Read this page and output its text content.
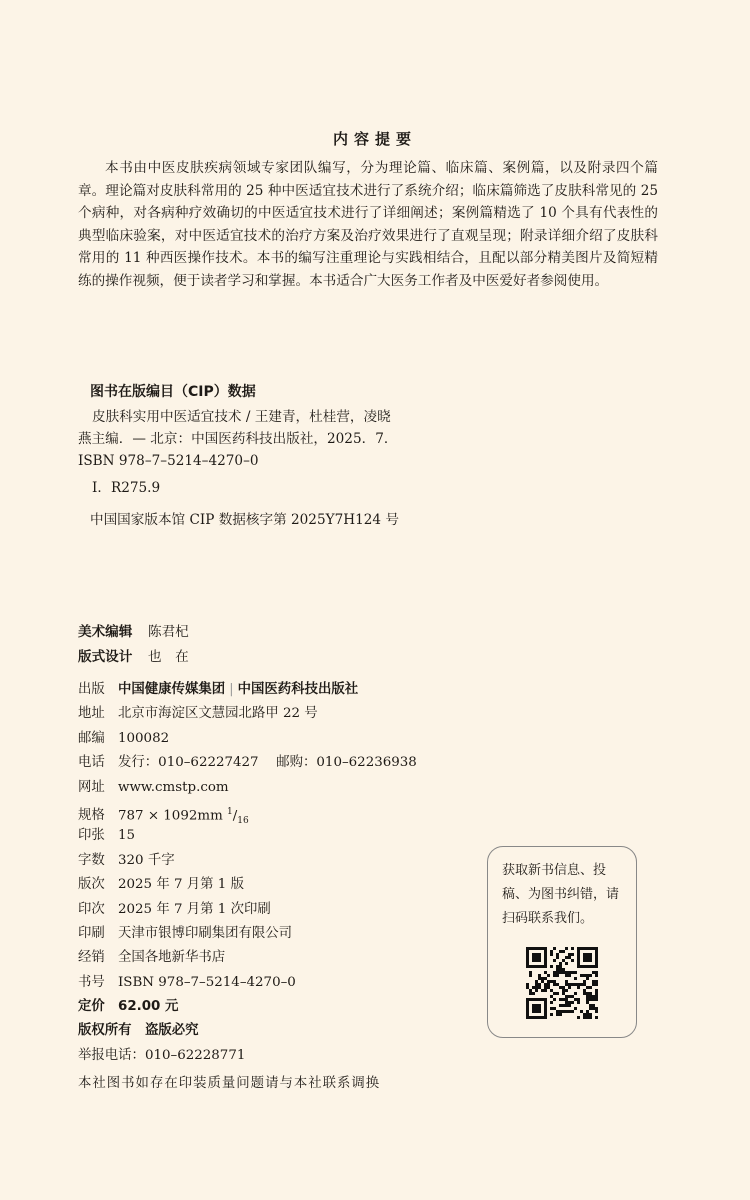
内容提要
本书由中医皮肤疾病领域专家团队编写，分为理论篇、临床篇、案例篇，以及附录四个篇章。理论篇对皮肤科常用的 25 种中医适宜技术进行了系统介绍；临床篇筛选了皮肤科常见的 25 个病种，对各病种疗效确切的中医适宜技术进行了详细阐述；案例篇精选了 10 个具有代表性的典型临床验案，对中医适宜技术的治疗方案及治疗效果进行了直观呈现；附录详细介绍了皮肤科常用的 11 种西医操作技术。本书的编写注重理论与实践相结合，且配以部分精美图片及简短精练的操作视频，便于读者学习和掌握。本书适合广大医务工作者及中医爱好者参阅使用。
图书在版编目（CIP）数据
皮肤科实用中医适宜技术 / 王建青，杜桂营，凌晓
燕主编．— 北京：中国医药科技出版社，2025．7．
ISBN 978–7–5214–4270–0
Ⅰ．R275.9
中国国家版本馆 CIP 数据核字第 2025Y7H124 号
美术编辑 陈君杞
版式设计 也　在
出版 中国健康传媒集团 | 中国医药科技出版社
地址 北京市海淀区文慧园北路甲 22 号
邮编 100082
电话 发行：010–62227427　 邮购：010–62236938
网址 www.cmstp.com
规格 787 × 1092mm $^1/_{16}$
印张 15
字数 320 千字
版次 2025 年 7 月第 1 版
印次 2025 年 7 月第 1 次印刷
印刷 天津市银博印刷集团有限公司
经销 全国各地新华书店
书号 ISBN 978–7–5214–4270–0
定价 62.00 元
版权所有　盗版必究
举报电话：010–62228771
本社图书如存在印装质量问题请与本社联系调换
获取新书信息、投稿、为图书纠错，请扫码联系我们。
